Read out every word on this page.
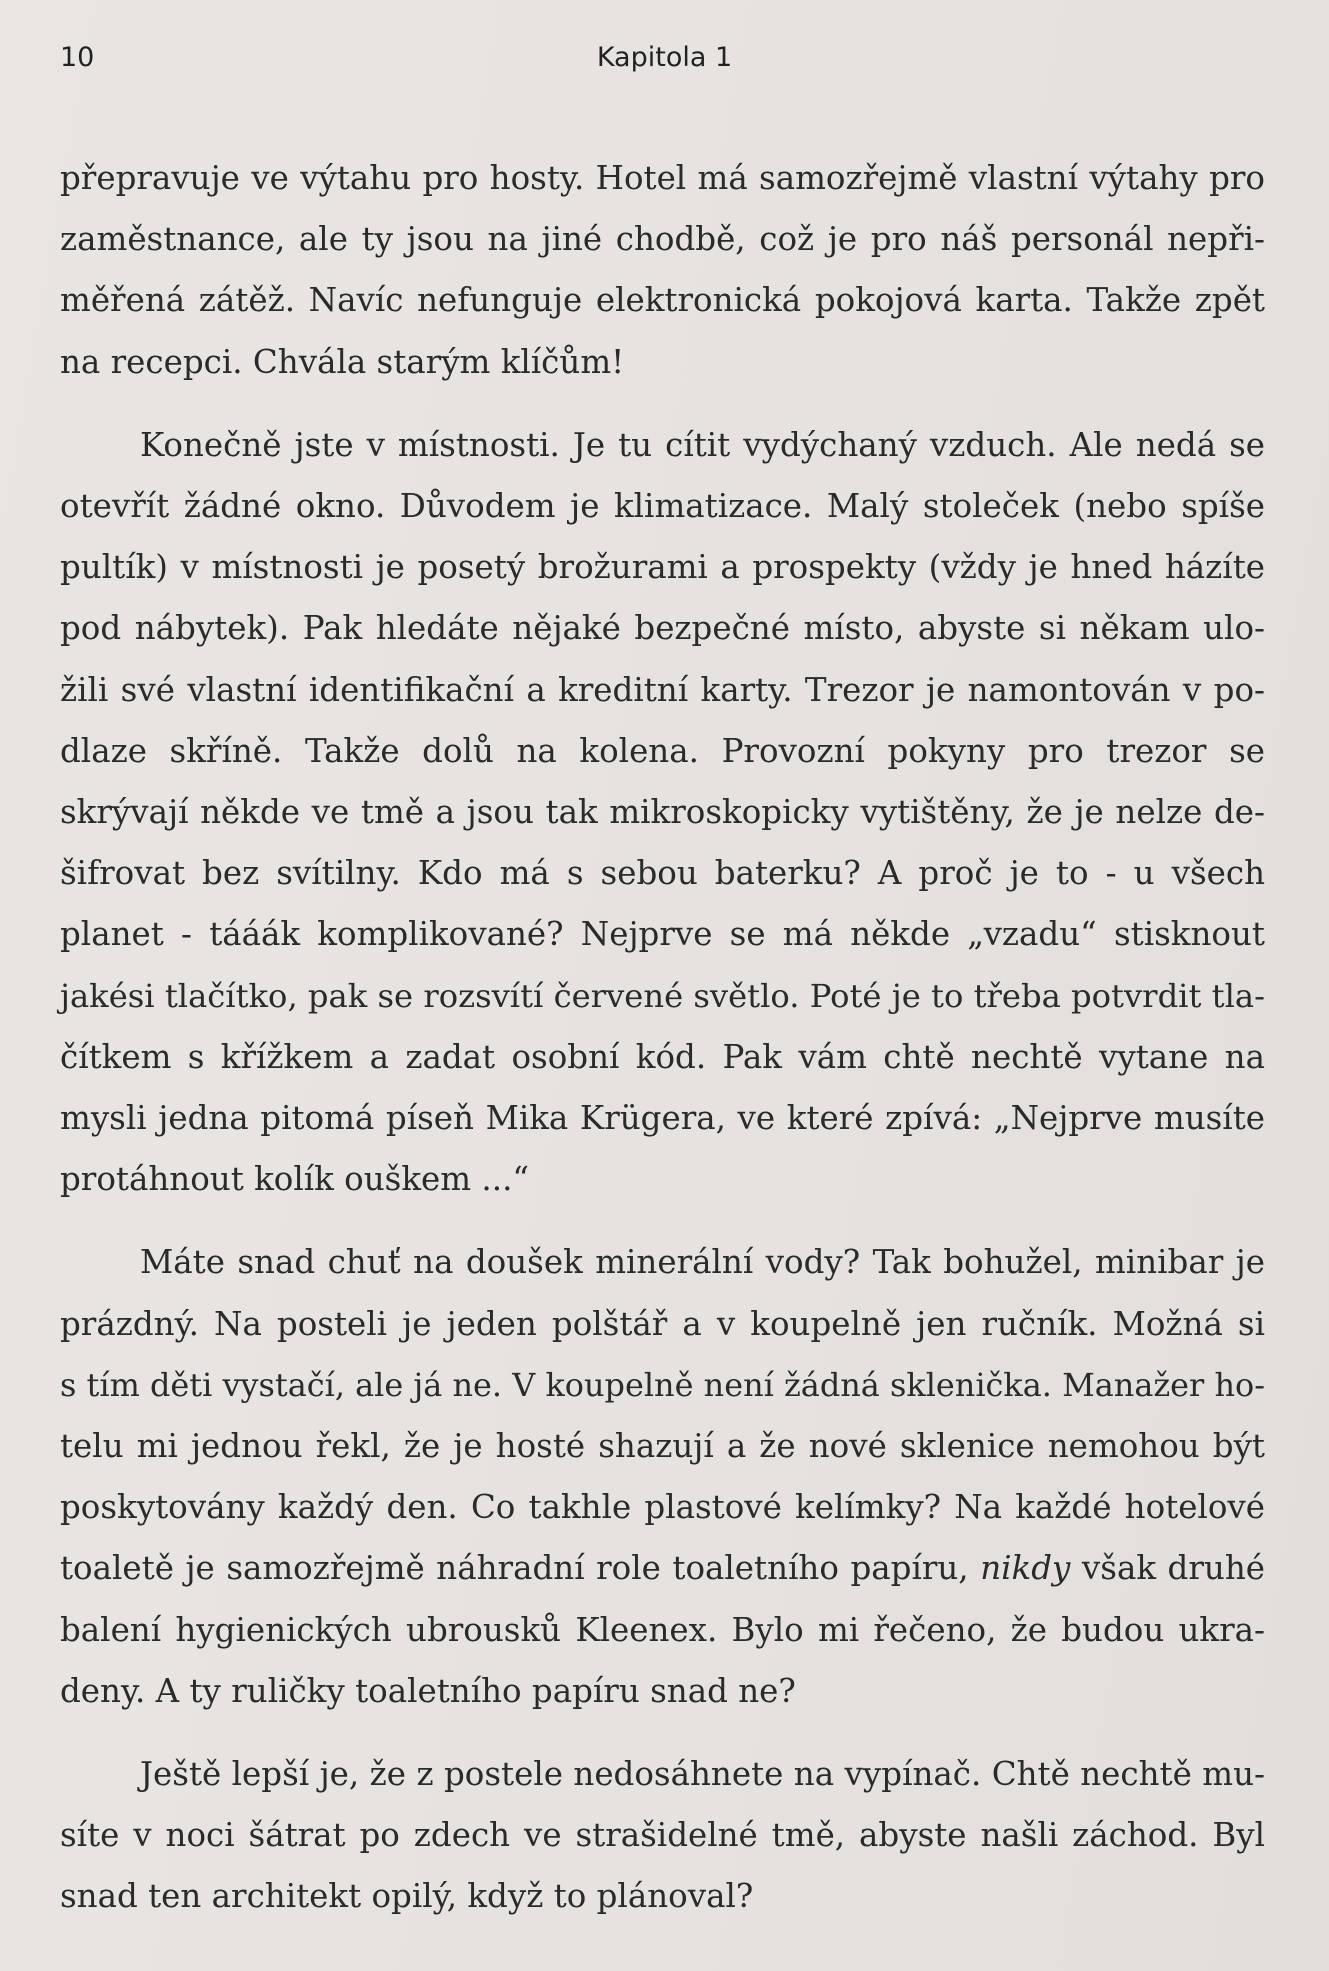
10	Kapitola 1
přepravuje ve výtahu pro hosty. Hotel má samozřejmě vlastní výtahy pro
zaměstnance, ale ty jsou na jiné chodbě, což je pro náš personál nepři-
měřená zátěž. Navíc nefunguje elektronická pokojová karta. Takže zpět
na recepci. Chvála starým klíčům!
Konečně jste v místnosti. Je tu cítit vydýchaný vzduch. Ale nedá se
otevřít žádné okno. Důvodem je klimatizace. Malý stoleček (nebo spíše
pultík) v místnosti je posetý brožurami a prospekty (vždy je hned házíte
pod nábytek). Pak hledáte nějaké bezpečné místo, abyste si někam ulo-
žili své vlastní identifikační a kreditní karty. Trezor je namontován v po-
dlaze skříně. Takže dolů na kolena. Provozní pokyny pro trezor se
skrývají někde ve tmě a jsou tak mikroskopicky vytištěny, že je nelze de-
šifrovat bez svítilny. Kdo má s sebou baterku? A proč je to - u všech
planet - tááák komplikované? Nejprve se má někde „vzadu“ stisknout
jakési tlačítko, pak se rozsvítí červené světlo. Poté je to třeba potvrdit tla-
čítkem s křížkem a zadat osobní kód. Pak vám chtě nechtě vytane na
mysli jedna pitomá píseň Mika Krügera, ve které zpívá: „Nejprve musíte
protáhnout kolík ouškem ...“
Máte snad chuť na doušek minerální vody? Tak bohužel, minibar je
prázdný. Na posteli je jeden polštář a v koupelně jen ručník. Možná si
s tím děti vystačí, ale já ne. V koupelně není žádná sklenička. Manažer ho-
telu mi jednou řekl, že je hosté shazují a že nové sklenice nemohou být
poskytovány každý den. Co takhle plastové kelímky? Na každé hotelové
toaletě je samozřejmě náhradní role toaletního papíru, nikdy však druhé
balení hygienických ubrousků Kleenex. Bylo mi řečeno, že budou ukra-
deny. A ty ruličky toaletního papíru snad ne?
Ještě lepší je, že z postele nedosáhnete na vypínač. Chtě nechtě mu-
síte v noci šátrat po zdech ve strašidelné tmě, abyste našli záchod. Byl
snad ten architekt opilý, když to plánoval?
